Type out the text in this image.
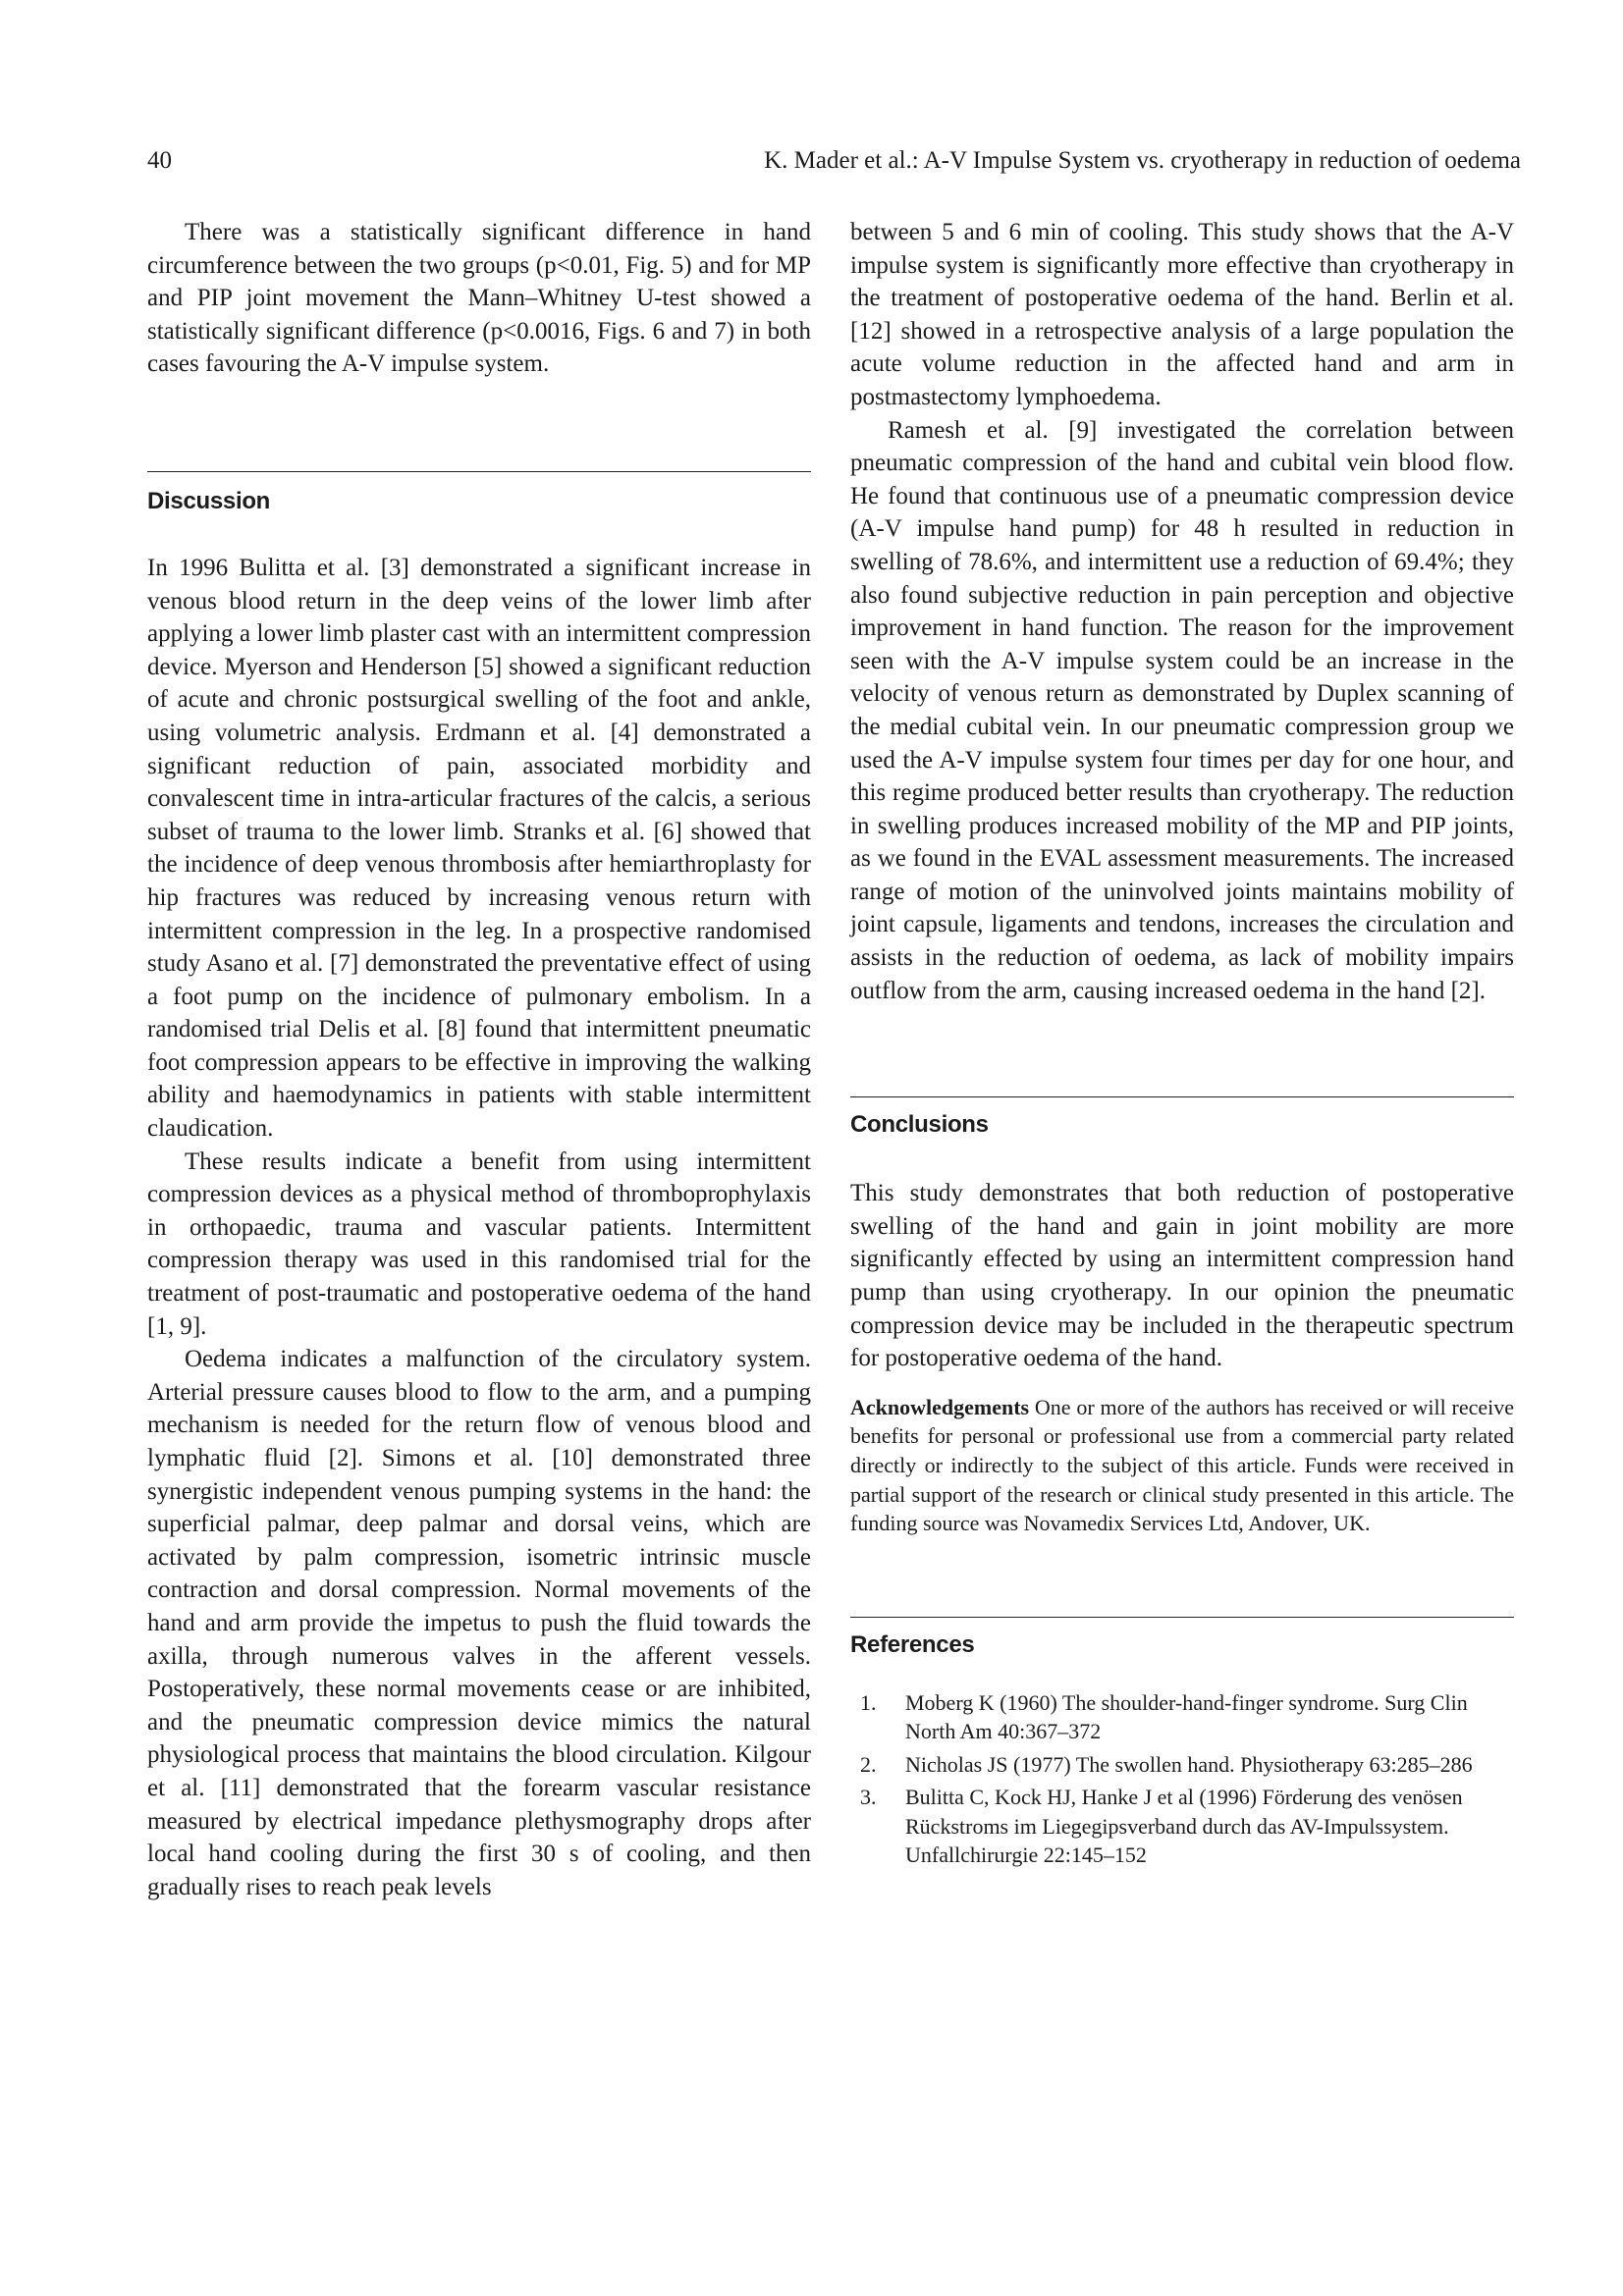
40	K. Mader et al.: A-V Impulse System vs. cryotherapy in reduction of oedema

There was a statistically significant difference in hand circumference between the two groups (p<0.01, Fig. 5) and for MP and PIP joint movement the Mann–Whitney U-test showed a statistically significant difference (p<0.0016, Figs. 6 and 7) in both cases favouring the A-V impulse system.

Discussion

In 1996 Bulitta et al. [3] demonstrated a significant increase in venous blood return in the deep veins of the lower limb after applying a lower limb plaster cast with an intermittent compression device. Myerson and Henderson [5] showed a significant reduction of acute and chronic postsurgical swelling of the foot and ankle, using volumetric analysis. Erdmann et al. [4] demonstrated a significant reduction of pain, associated morbidity and convalescent time in intra-articular fractures of the calcis, a serious subset of trauma to the lower limb. Stranks et al. [6] showed that the incidence of deep venous thrombosis after hemiarthroplasty for hip fractures was reduced by increasing venous return with intermittent compression in the leg. In a prospective randomised study Asano et al. [7] demonstrated the preventative effect of using a foot pump on the incidence of pulmonary embolism. In a randomised trial Delis et al. [8] found that intermittent pneumatic foot compression appears to be effective in improving the walking ability and haemodynamics in patients with stable intermittent claudication.

These results indicate a benefit from using intermittent compression devices as a physical method of thromboprophylaxis in orthopaedic, trauma and vascular patients. Intermittent compression therapy was used in this randomised trial for the treatment of post-traumatic and postoperative oedema of the hand [1, 9].

Oedema indicates a malfunction of the circulatory system. Arterial pressure causes blood to flow to the arm, and a pumping mechanism is needed for the return flow of venous blood and lymphatic fluid [2]. Simons et al. [10] demonstrated three synergistic independent venous pumping systems in the hand: the superficial palmar, deep palmar and dorsal veins, which are activated by palm compression, isometric intrinsic muscle contraction and dorsal compression. Normal movements of the hand and arm provide the impetus to push the fluid towards the axilla, through numerous valves in the afferent vessels. Postoperatively, these normal movements cease or are inhibited, and the pneumatic compression device mimics the natural physiological process that maintains the blood circulation. Kilgour et al. [11] demonstrated that the forearm vascular resistance measured by electrical impedance plethysmography drops after local hand cooling during the first 30 s of cooling, and then gradually rises to reach peak levels

between 5 and 6 min of cooling. This study shows that the A-V impulse system is significantly more effective than cryotherapy in the treatment of postoperative oedema of the hand. Berlin et al. [12] showed in a retrospective analysis of a large population the acute volume reduction in the affected hand and arm in postmastectomy lymphoedema.

Ramesh et al. [9] investigated the correlation between pneumatic compression of the hand and cubital vein blood flow. He found that continuous use of a pneumatic compression device (A-V impulse hand pump) for 48 h resulted in reduction in swelling of 78.6%, and intermittent use a reduction of 69.4%; they also found subjective reduction in pain perception and objective improvement in hand function. The reason for the improvement seen with the A-V impulse system could be an increase in the velocity of venous return as demonstrated by Duplex scanning of the medial cubital vein. In our pneumatic compression group we used the A-V impulse system four times per day for one hour, and this regime produced better results than cryotherapy. The reduction in swelling produces increased mobility of the MP and PIP joints, as we found in the EVAL assessment measurements. The increased range of motion of the uninvolved joints maintains mobility of joint capsule, ligaments and tendons, increases the circulation and assists in the reduction of oedema, as lack of mobility impairs outflow from the arm, causing increased oedema in the hand [2].

Conclusions

This study demonstrates that both reduction of postoperative swelling of the hand and gain in joint mobility are more significantly effected by using an intermittent compression hand pump than using cryotherapy. In our opinion the pneumatic compression device may be included in the therapeutic spectrum for postoperative oedema of the hand.

Acknowledgements One or more of the authors has received or will receive benefits for personal or professional use from a commercial party related directly or indirectly to the subject of this article. Funds were received in partial support of the research or clinical study presented in this article. The funding source was Novamedix Services Ltd, Andover, UK.
References
1. Moberg K (1960) The shoulder-hand-finger syndrome. Surg Clin North Am 40:367–372
2. Nicholas JS (1977) The swollen hand. Physiotherapy 63:285–286
3. Bulitta C, Kock HJ, Hanke J et al (1996) Förderung des venösen Rückstroms im Liegegipsverband durch das AV-Impulssystem. Unfallchirurgie 22:145–152
